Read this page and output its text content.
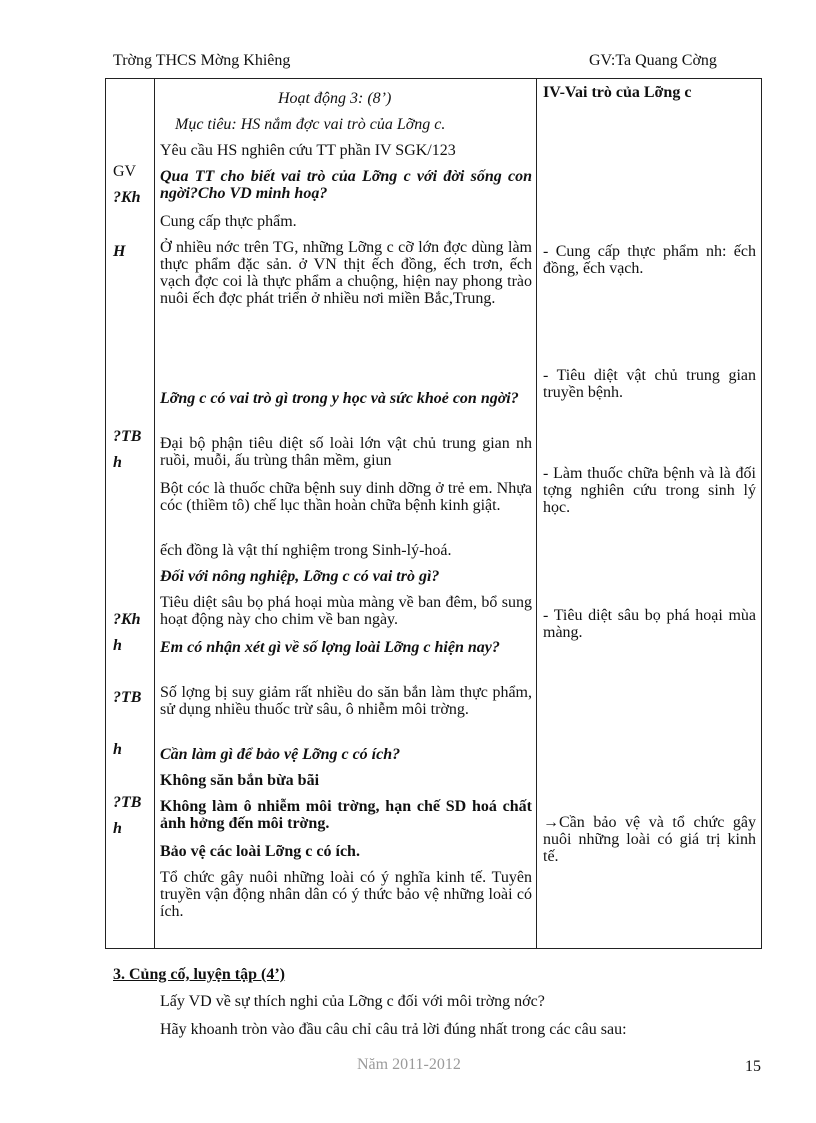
Trờng THCS Mờng Khiêng	GV:Ta Quang Cờng
GV
?Kh
H
?TB
h
?Kh
h
?TB
h
?TB
h
Hoạt động 3: (8’)
Mục tiêu: HS nắm đợc vai trò của Lỡng c.
Yêu cầu HS nghiên cứu TT phần IV SGK/123
Qua TT cho biết vai trò của Lỡng c với đời sống con ngời?Cho VD minh hoạ?
Cung cấp thực phẩm.
Ở nhiều nớc trên TG, những Lỡng c cỡ lớn đợc dùng làm thực phẩm đặc sản. ở VN thịt ếch đồng, ếch trơn, ếch vạch đợc coi là thực phẩm a chuộng, hiện nay phong trào nuôi ếch đợc phát triển ở nhiều nơi miền Bắc,Trung.
Lỡng c có vai trò gì trong y học và sức khoẻ con ngời?
Đại bộ phận tiêu diệt số loài lớn vật chủ trung gian nh ruồi, muỗi, ấu trùng thân mềm, giun
Bột cóc là thuốc chữa bệnh suy dinh dỡng ở trẻ em. Nhựa cóc (thiềm tô) chế lục thần hoàn chữa bệnh kinh giật.
ếch đồng là vật thí nghiệm trong Sinh-lý-hoá.
Đối với nông nghiệp, Lỡng c có vai trò gì?
Tiêu diệt sâu bọ phá hoại mùa màng về ban đêm, bổ sung hoạt động này cho chim về ban ngày.
Em có nhận xét gì về số lợng loài Lỡng c hiện nay?
Số lợng bị suy giảm rất nhiều do săn bắn làm thực phẩm, sử dụng nhiều thuốc trừ sâu, ô nhiễm môi trờng.
Cần làm gì để bảo vệ Lỡng c có ích?
Không săn bắn bừa bãi
Không làm ô nhiễm môi trờng, hạn chế SD hoá chất ảnh hởng đến môi trờng.
Bảo vệ các loài Lỡng c có ích.
Tổ chức gây nuôi những loài có ý nghĩa kinh tế. Tuyên truyền vận động nhân dân có ý thức bảo vệ những loài có ích.
IV-Vai trò của Lỡng c
- Cung cấp thực phẩm nh: ếch đồng, ếch vạch.
- Tiêu diệt vật chủ trung gian truyền bệnh.
- Làm thuốc chữa bệnh và là đối tợng nghiên cứu trong sinh lý học.
- Tiêu diệt sâu bọ phá hoại mùa màng.
→Cần bảo vệ và tổ chức gây nuôi những loài có giá trị kinh tế.
3. Củng cố, luyện tập (4’)
Lấy VD về sự thích nghi của Lỡng c đối với môi trờng nớc?
Hãy khoanh tròn vào đầu câu chỉ câu trả lời đúng nhất trong các câu sau:
Năm 2011-2012	15
